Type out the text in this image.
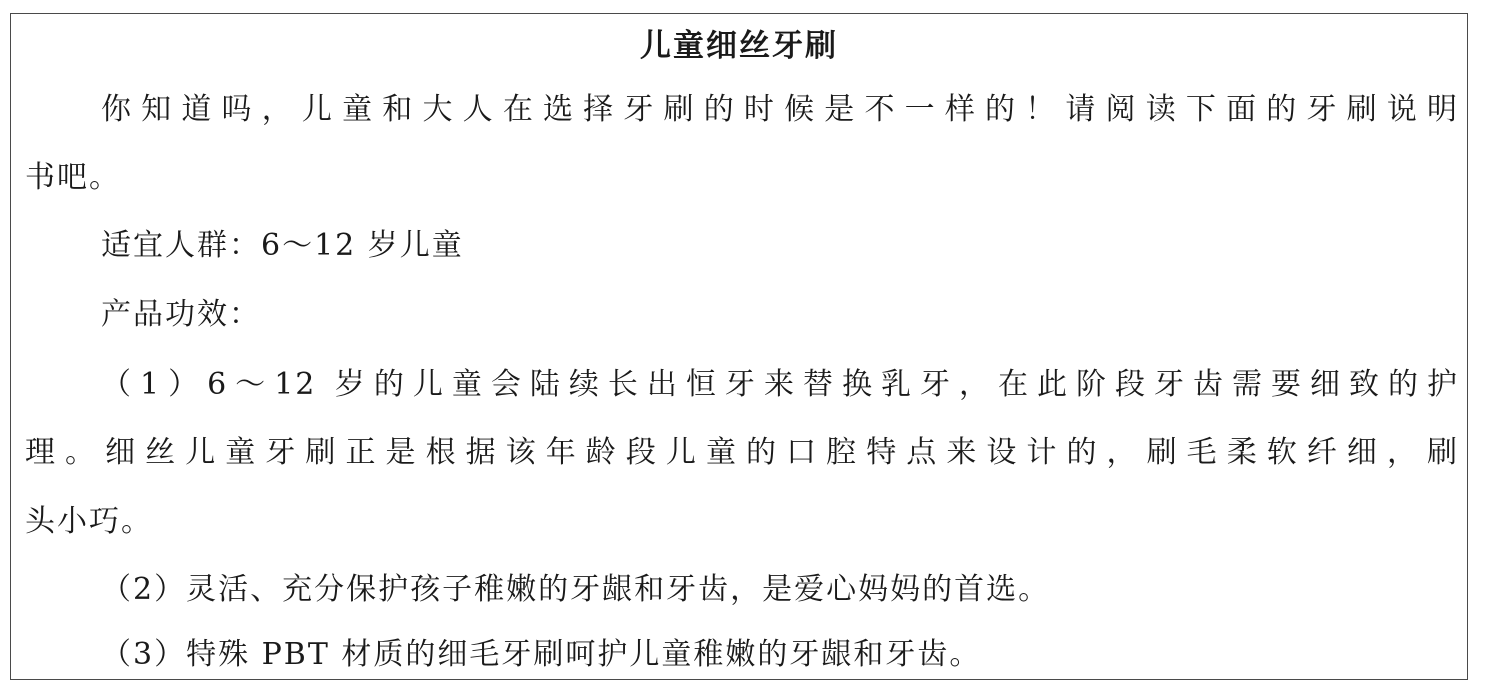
儿童细丝牙刷

你知道吗，儿童和大人在选择牙刷的时候是不一样的！请阅读下面的牙刷说明

书吧。

适宜人群：6～12 岁儿童

产品功效：

（1）6～12 岁的儿童会陆续长出恒牙来替换乳牙，在此阶段牙齿需要细致的护

理。细丝儿童牙刷正是根据该年龄段儿童的口腔特点来设计的，刷毛柔软纤细，刷

头小巧。

（2）灵活、充分保护孩子稚嫩的牙龈和牙齿，是爱心妈妈的首选。

（3）特殊 PBT 材质的细毛牙刷呵护儿童稚嫩的牙龈和牙齿。
